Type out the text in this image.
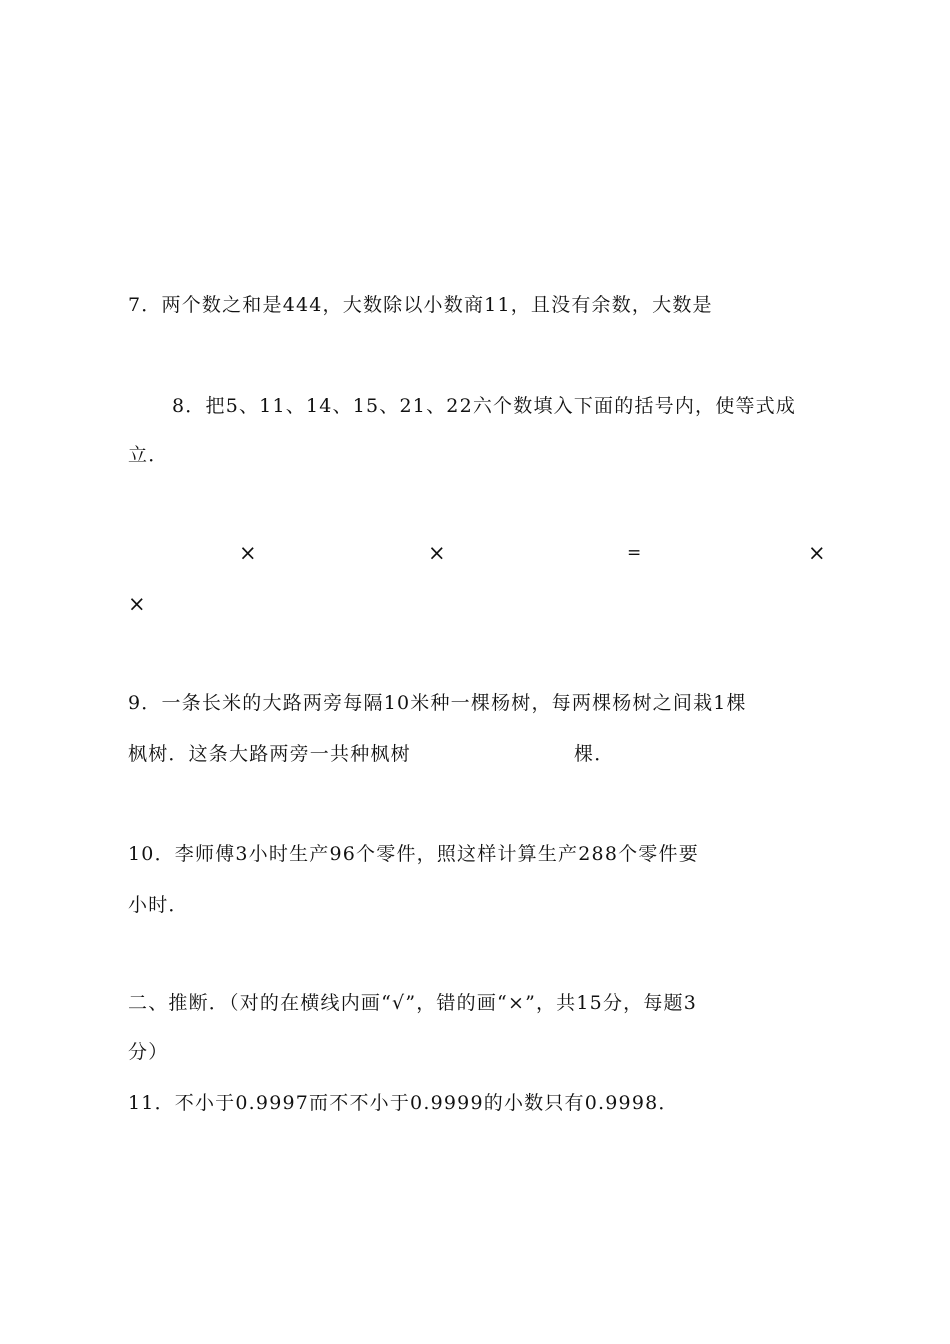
7．两个数之和是444，大数除以小数商11，且没有余数，大数是
8．把5、11、14、15、21、22六个数填入下面的括号内，使等式成
立．
×	×	=	×
×
9．一条长米的大路两旁每隔10米种一棵杨树，每两棵杨树之间栽1棵
枫树．这条大路两旁一共种枫树	棵．
10．李师傅3小时生产96个零件，照这样计算生产288个零件要
小时．
二、推断．（对的在横线内画“√”，错的画“×”，共15分，每题3
分）
11．不小于0.9997而不不小于0.9999的小数只有0.9998．
